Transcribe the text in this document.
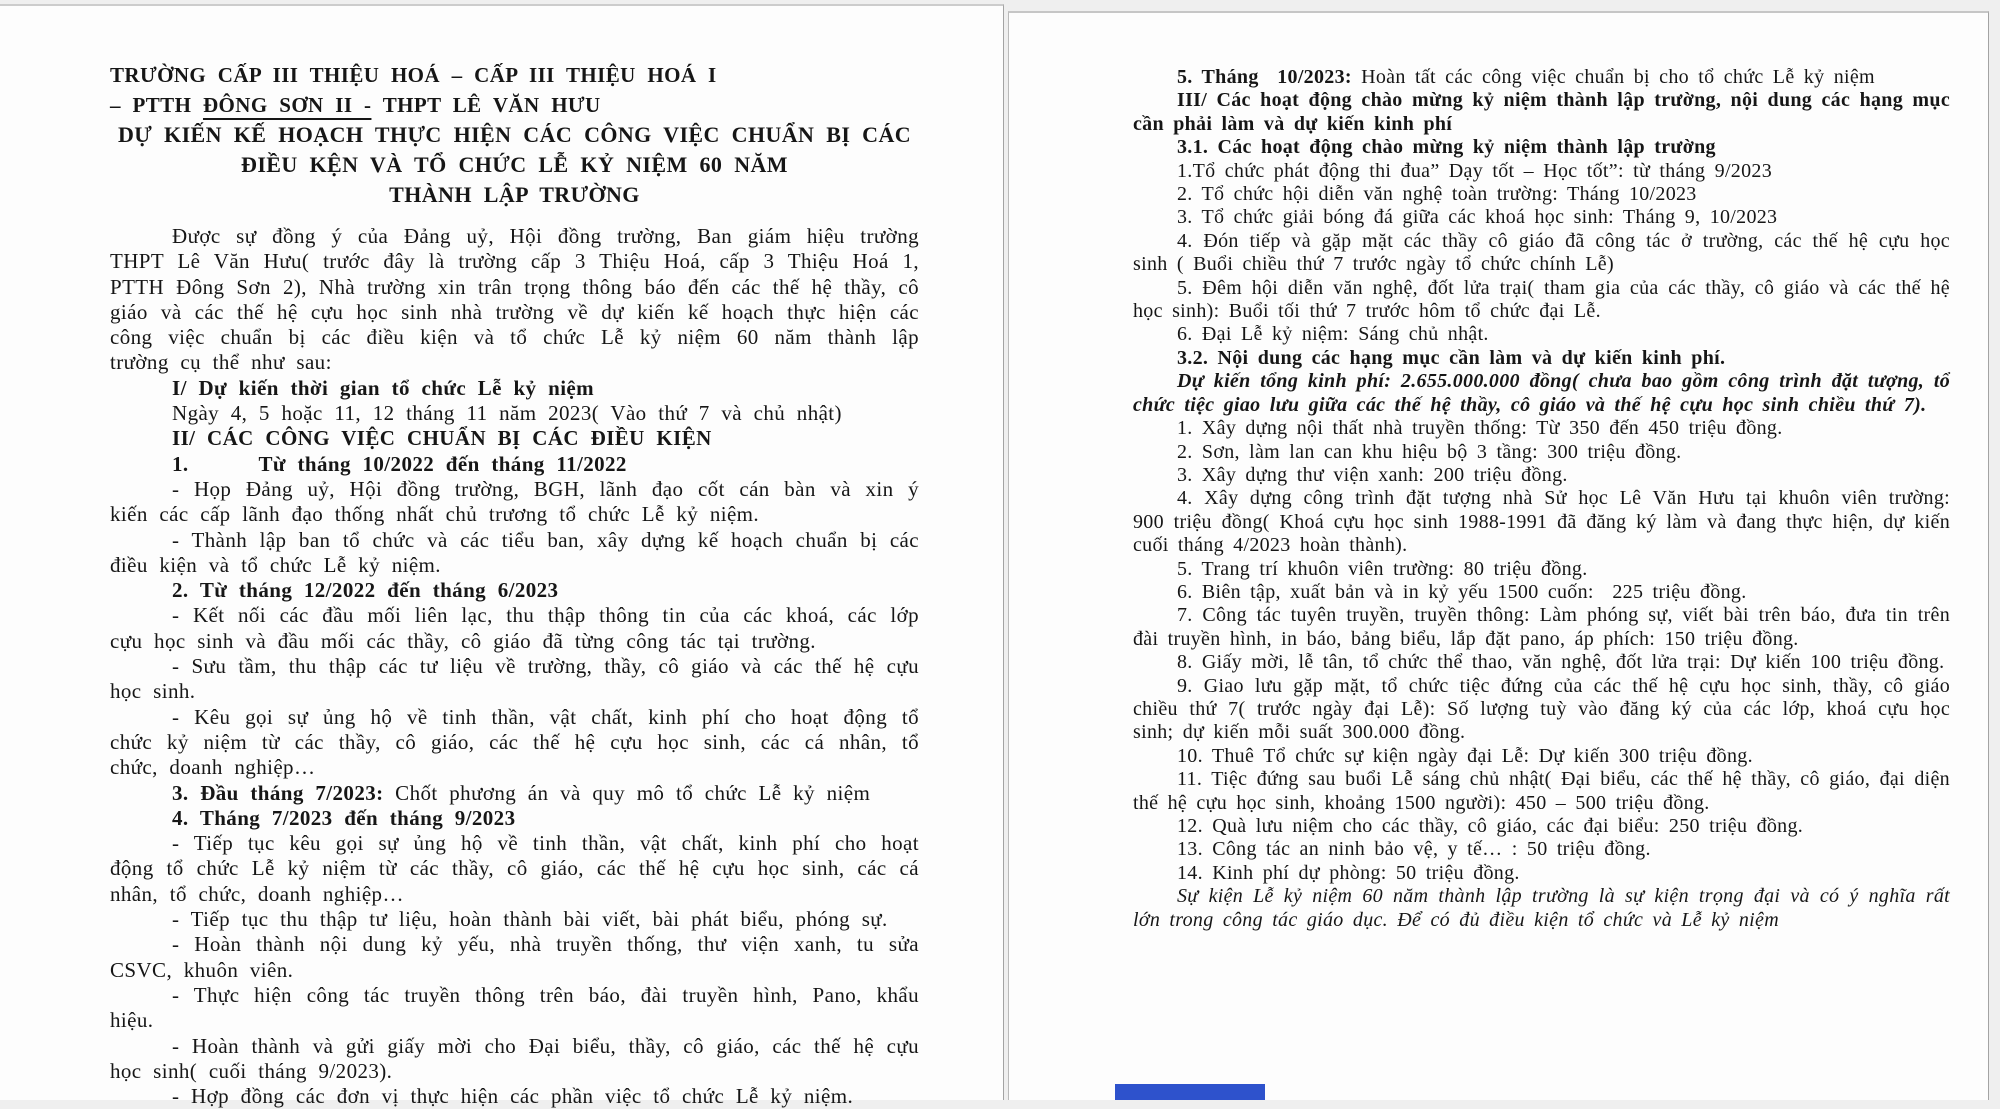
TRƯỜNG CẤP III THIỆU HOÁ – CẤP III THIỆU HOÁ I

– PTTH ĐÔNG SƠN II - THPT LÊ VĂN HƯU

DỰ KIẾN KẾ HOẠCH THỰC HIỆN CÁC CÔNG VIỆC CHUẨN BỊ CÁC

ĐIỀU KỆN VÀ TỔ CHỨC LỄ KỶ NIỆM 60 NĂM

THÀNH LẬP TRƯỜNG

Được sự đồng ý của Đảng uỷ, Hội đồng trường, Ban giám hiệu trường THPT Lê Văn Hưu( trước đây là trường cấp 3 Thiệu Hoá, cấp 3 Thiệu Hoá 1, PTTH Đông Sơn 2), Nhà trường xin trân trọng thông báo đến các thế hệ thầy, cô giáo và các thế hệ cựu học sinh nhà trường về dự kiến kế hoạch thực hiện các công việc chuẩn bị các điều kiện và tổ chức Lễ kỷ niệm 60 năm thành lập trường cụ thể như sau:

I/ Dự kiến thời gian tổ chức Lễ kỷ niệm

Ngày 4, 5 hoặc 11, 12 tháng 11 năm 2023( Vào thứ 7 và chủ nhật)

II/ CÁC CÔNG VIỆC CHUẨN BỊ CÁC ĐIỀU KIỆN

1.      Từ tháng 10/2022 đến tháng 11/2022

- Họp Đảng uỷ, Hội đồng trường, BGH, lãnh đạo cốt cán bàn và xin ý kiến các cấp lãnh đạo thống nhất chủ trương tổ chức Lễ kỷ niệm.

- Thành lập ban tổ chức và các tiểu ban, xây dựng kế hoạch chuẩn bị các điều kiện và tổ chức Lễ kỷ niệm.

2. Từ tháng 12/2022 đến tháng 6/2023

- Kết nối các đầu mối liên lạc, thu thập thông tin của các khoá, các lớp cựu học sinh và đầu mối các thầy, cô giáo đã từng công tác tại trường.

- Sưu tầm, thu thập các tư liệu về trường, thầy, cô giáo và các thế hệ cựu học sinh.

- Kêu gọi sự ủng hộ về tinh thần, vật chất, kinh phí cho hoạt động tổ chức kỷ niệm từ các thầy, cô giáo, các thế hệ cựu học sinh, các cá nhân, tổ chức, doanh nghiệp…

3. Đầu tháng 7/2023: Chốt phương án và quy mô tổ chức Lễ kỷ niệm

4. Tháng 7/2023 đến tháng 9/2023

- Tiếp tục kêu gọi sự ủng hộ về tinh thần, vật chất, kinh phí cho hoạt động tổ chức Lễ kỷ niệm từ các thầy, cô giáo, các thế hệ cựu học sinh, các cá nhân, tổ chức, doanh nghiệp…

- Tiếp tục thu thập tư liệu, hoàn thành bài viết, bài phát biểu, phóng sự.

- Hoàn thành nội dung kỷ yếu, nhà truyền thống, thư viện xanh, tu sửa CSVC, khuôn viên.

- Thực hiện công tác truyền thông trên báo, đài truyền hình, Pano, khẩu hiệu.

- Hoàn thành và gửi giấy mời cho Đại biểu, thầy, cô giáo, các thế hệ cựu học sinh( cuối tháng 9/2023).

- Hợp đồng các đơn vị thực hiện các phần việc tổ chức Lễ kỷ niệm.

5. Tháng  10/2023: Hoàn tất các công việc chuẩn bị cho tổ chức Lễ kỷ niệm

III/ Các hoạt động chào mừng kỷ niệm thành lập trường, nội dung các hạng mục cần phải làm và dự kiến kinh phí

3.1. Các hoạt động chào mừng kỷ niệm thành lập trường

1.Tổ chức phát động thi đua” Dạy tốt – Học tốt”: từ tháng 9/2023

2. Tổ chức hội diễn văn nghệ toàn trường: Tháng 10/2023

3. Tổ chức giải bóng đá giữa các khoá học sinh: Tháng 9, 10/2023

4. Đón tiếp và gặp mặt các thầy cô giáo đã công tác ở trường, các thế hệ cựu học sinh ( Buổi chiều thứ 7 trước ngày tổ chức chính Lễ)

5. Đêm hội diễn văn nghệ, đốt lửa trại( tham gia của các thầy, cô giáo và các thế hệ học sinh): Buổi tối thứ 7 trước hôm tổ chức đại Lễ.

6. Đại Lễ kỷ niệm: Sáng chủ nhật.

3.2. Nội dung các hạng mục cần làm và dự kiến kinh phí.

Dự kiến tổng kinh phí: 2.655.000.000 đồng( chưa bao gồm công trình đặt tượng, tổ chức tiệc giao lưu giữa các thế hệ thầy, cô giáo và thế hệ cựu học sinh chiều thứ 7).

1. Xây dựng nội thất nhà truyền thống: Từ 350 đến 450 triệu đồng.

2. Sơn, làm lan can khu hiệu bộ 3 tầng: 300 triệu đồng.

3. Xây dựng thư viện xanh: 200 triệu đồng.

4. Xây dựng công trình đặt tượng nhà Sử học Lê Văn Hưu tại khuôn viên trường: 900 triệu đồng( Khoá cựu học sinh 1988-1991 đã đăng ký làm và đang thực hiện, dự kiến cuối tháng 4/2023 hoàn thành).

5. Trang trí khuôn viên trường: 80 triệu đồng.

6. Biên tập, xuất bản và in kỷ yếu 1500 cuốn:  225 triệu đồng.

7. Công tác tuyên truyền, truyền thông: Làm phóng sự, viết bài trên báo, đưa tin trên đài truyền hình, in báo, bảng biểu, lắp đặt pano, áp phích: 150 triệu đồng.

8. Giấy mời, lễ tân, tổ chức thể thao, văn nghệ, đốt lửa trại: Dự kiến 100 triệu đồng.

9. Giao lưu gặp mặt, tổ chức tiệc đứng của các thế hệ cựu học sinh, thầy, cô giáo chiều thứ 7( trước ngày đại Lễ): Số lượng tuỳ vào đăng ký của các lớp, khoá cựu học sinh; dự kiến mỗi suất 300.000 đồng.

10. Thuê Tổ chức sự kiện ngày đại Lễ: Dự kiến 300 triệu đồng.

11. Tiệc đứng sau buổi Lễ sáng chủ nhật( Đại biểu, các thế hệ thầy, cô giáo, đại diện thế hệ cựu học sinh, khoảng 1500 người): 450 – 500 triệu đồng.

12. Quà lưu niệm cho các thầy, cô giáo, các đại biểu: 250 triệu đồng.

13. Công tác an ninh bảo vệ, y tế… : 50 triệu đồng.

14. Kinh phí dự phòng: 50 triệu đồng.

Sự kiện Lễ kỷ niệm 60 năm thành lập trường là sự kiện trọng đại và có ý nghĩa rất lớn trong công tác giáo dục. Để có đủ điều kiện tổ chức và Lễ kỷ niệm
